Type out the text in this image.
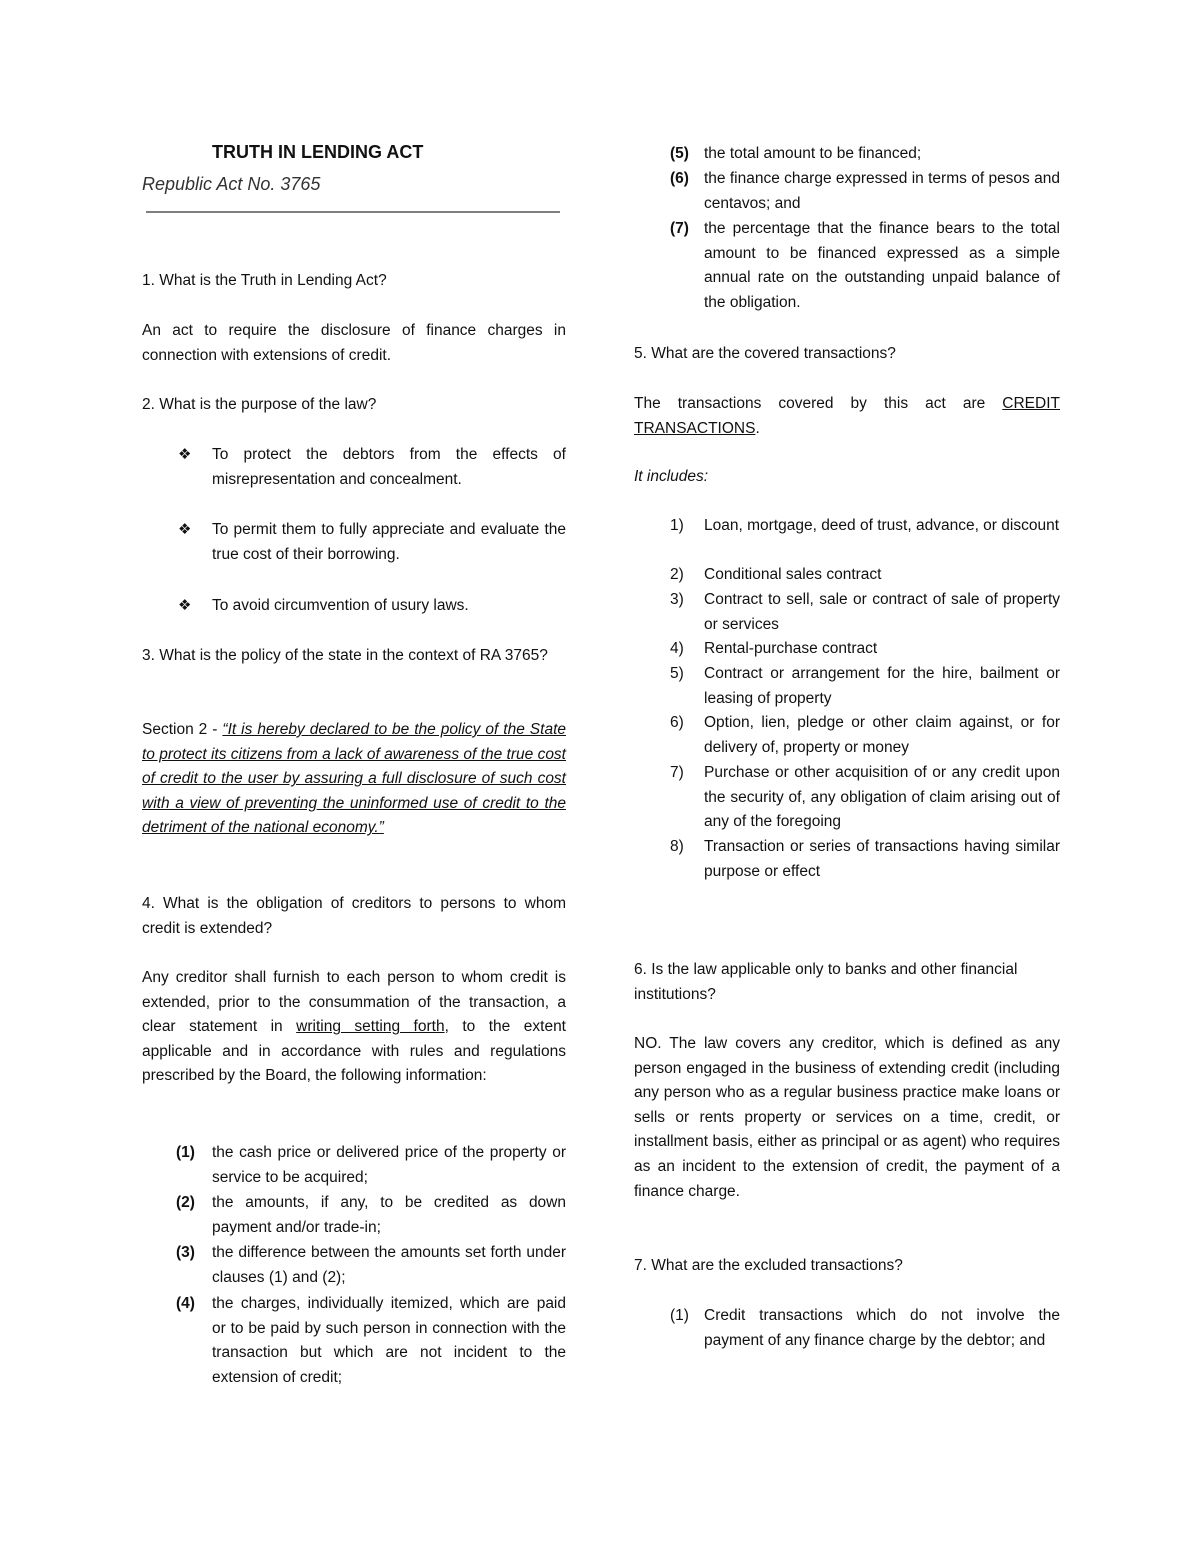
TRUTH IN LENDING ACT
Republic Act No. 3765

1. What is the Truth in Lending Act?

An act to require the disclosure of finance charges in connection with extensions of credit.

2. What is the purpose of the law?

❖ To protect the debtors from the effects of misrepresentation and concealment.
❖ To permit them to fully appreciate and evaluate the true cost of their borrowing.
❖ To avoid circumvention of usury laws.

3. What is the policy of the state in the context of RA 3765?

Section 2 - “It is hereby declared to be the policy of the State to protect its citizens from a lack of awareness of the true cost of credit to the user by assuring a full disclosure of such cost with a view of preventing the uninformed use of credit to the detriment of the national economy.”

4. What is the obligation of creditors to persons to whom credit is extended?

Any creditor shall furnish to each person to whom credit is extended, prior to the consummation of the transaction, a clear statement in writing setting forth, to the extent applicable and in accordance with rules and regulations prescribed by the Board, the following information:

(1) the cash price or delivered price of the property or service to be acquired;
(2) the amounts, if any, to be credited as down payment and/or trade-in;
(3) the difference between the amounts set forth under clauses (1) and (2);
(4) the charges, individually itemized, which are paid or to be paid by such person in connection with the transaction but which are not incident to the extension of credit;
(5) the total amount to be financed;
(6) the finance charge expressed in terms of pesos and centavos; and
(7) the percentage that the finance bears to the total amount to be financed expressed as a simple annual rate on the outstanding unpaid balance of the obligation.

5. What are the covered transactions?

The transactions covered by this act are CREDIT TRANSACTIONS.

It includes:

1) Loan, mortgage, deed of trust, advance, or discount
2) Conditional sales contract
3) Contract to sell, sale or contract of sale of property or services
4) Rental-purchase contract
5) Contract or arrangement for the hire, bailment or leasing of property
6) Option, lien, pledge or other claim against, or for delivery of, property or money
7) Purchase or other acquisition of or any credit upon the security of, any obligation of claim arising out of any of the foregoing
8) Transaction or series of transactions having similar purpose or effect

6. Is the law applicable only to banks and other financial institutions?

NO. The law covers any creditor, which is defined as any person engaged in the business of extending credit (including any person who as a regular business practice make loans or sells or rents property or services on a time, credit, or installment basis, either as principal or as agent) who requires as an incident to the extension of credit, the payment of a finance charge.

7. What are the excluded transactions?

(1) Credit transactions which do not involve the payment of any finance charge by the debtor; and
